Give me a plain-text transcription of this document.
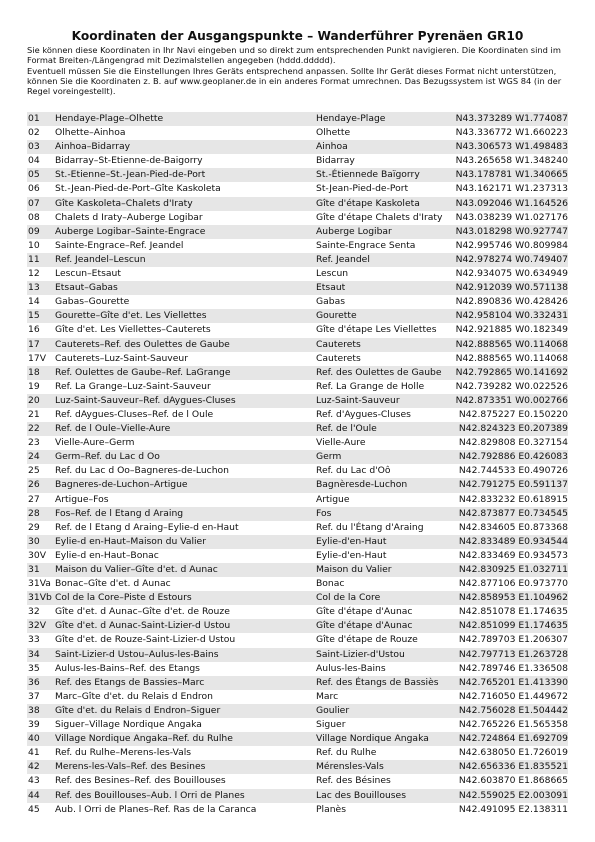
Koordinaten der Ausgangspunkte – Wanderführer Pyrenäen GR10

Sie können diese Koordinaten in Ihr Navi eingeben und so direkt zum entsprechenden Punkt navigieren. Die Koordinaten sind im Format Breiten-/Längengrad mit Dezimalstellen angegeben (hddd.ddddd).

Eventuell müssen Sie die Einstellungen Ihres Geräts entsprechend anpassen. Sollte Ihr Gerät dieses Format nicht unterstützen, können Sie die Koordinaten z. B. auf www.geoplaner.de in ein anderes Format umrechnen. Das Bezugssystem ist WGS 84 (in der Regel voreingestellt).

01	Hendaye-Plage–Olhette	Hendaye-Plage	N43.373289 W1.774087
02	Olhette–Ainhoa	Olhette	N43.336772 W1.660223
03	Ainhoa–Bidarray	Ainhoa	N43.306573 W1.498483
04	Bidarray–St-Etienne-de-Baigorry	Bidarray	N43.265658 W1.348240
05	St.-Etienne–St.-Jean-Pied-de-Port	St.-Étiennede Baïgorry	N43.178781 W1.340665
06	St.-Jean-Pied-de-Port–Gîte Kaskoleta	St-Jean-Pied-de-Port	N43.162171 W1.237313
07	Gîte Kaskoleta–Chalets d'Iraty	Gîte d'étape Kaskoleta	N43.092046 W1.164526
08	Chalets d Iraty–Auberge Logibar	Gîte d'étape Chalets d'Iraty	N43.038239 W1.027176
09	Auberge Logibar–Sainte-Engrace	Auberge Logibar	N43.018298 W0.927747
10	Sainte-Engrace–Ref. Jeandel	Sainte-Engrace Senta	N42.995746 W0.809984
11	Ref. Jeandel–Lescun	Ref. Jeandel	N42.978274 W0.749407
12	Lescun–Etsaut	Lescun	N42.934075 W0.634949
13	Etsaut–Gabas	Etsaut	N42.912039 W0.571138
14	Gabas–Gourette	Gabas	N42.890836 W0.428426
15	Gourette–Gîte d'et. Les Viellettes	Gourette	N42.958104 W0.332431
16	Gîte d'et. Les Viellettes–Cauterets	Gîte d'étape Les Viellettes	N42.921885 W0.182349
17	Cauterets–Ref. des Oulettes de Gaube	Cauterets	N42.888565 W0.114068
17V	Cauterets–Luz-Saint-Sauveur	Cauterets	N42.888565 W0.114068
18	Ref. Oulettes de Gaube–Ref. LaGrange	Ref. des Oulettes de Gaube	N42.792865 W0.141692
19	Ref. La Grange–Luz-Saint-Sauveur	Ref. La Grange de Holle	N42.739282 W0.022526
20	Luz-Saint-Sauveur–Ref. dAygues-Cluses	Luz-Saint-Sauveur	N42.873351 W0.002766
21	Ref. dAygues-Cluses–Ref. de l Oule	Ref. d'Aygues-Cluses	N42.875227 E0.150220
22	Ref. de l Oule–Vielle-Aure	Ref. de l'Oule	N42.824323 E0.207389
23	Vielle-Aure–Germ	Vielle-Aure	N42.829808 E0.327154
24	Germ–Ref. du Lac d Oo	Germ	N42.792886 E0.426083
25	Ref. du Lac d Oo–Bagneres-de-Luchon	Ref. du Lac d'Oô	N42.744533 E0.490726
26	Bagneres-de-Luchon–Artigue	Bagnèresde-Luchon	N42.791275 E0.591137
27	Artigue–Fos	Artigue	N42.833232 E0.618915
28	Fos–Ref. de l Etang d Araing	Fos	N42.873877 E0.734545
29	Ref. de l Etang d Araing–Eylie-d en-Haut	Ref. du l'Étang d'Araing	N42.834605 E0.873368
30	Eylie-d en-Haut–Maison du Valier	Eylie-d'en-Haut	N42.833489 E0.934544
30V	Eylie-d en-Haut–Bonac	Eylie-d'en-Haut	N42.833469 E0.934573
31	Maison du Valier–Gîte d'et. d Aunac	Maison du Valier	N42.830925 E1.032711
31Va	Bonac–Gîte d'et. d Aunac	Bonac	N42.877106 E0.973770
31Vb	Col de la Core–Piste d Estours	Col de la Core	N42.858953 E1.104962
32	Gîte d'et. d Aunac–Gîte d'et. de Rouze	Gîte d'étape d'Aunac	N42.851078 E1.174635
32V	Gîte d'et. d Aunac-Saint-Lizier-d Ustou	Gîte d'étape d'Aunac	N42.851099 E1.174635
33	Gîte d'et. de Rouze-Saint-Lizier-d Ustou	Gîte d'étape de Rouze	N42.789703 E1.206307
34	Saint-Lizier-d Ustou–Aulus-les-Bains	Saint-Lizier-d'Ustou	N42.797713 E1.263728
35	Aulus-les-Bains–Ref. des Etangs	Aulus-les-Bains	N42.789746 E1.336508
36	Ref. des Etangs de Bassies–Marc	Ref. des Étangs de Bassiès	N42.765201 E1.413390
37	Marc–Gîte d'et. du Relais d Endron	Marc	N42.716050 E1.449672
38	Gîte d'et. du Relais d Endron–Siguer	Goulier	N42.756028 E1.504442
39	Siguer–Village Nordique Angaka	Siguer	N42.765226 E1.565358
40	Village Nordique Angaka–Ref. du Rulhe	Village Nordique Angaka	N42.724864 E1.692709
41	Ref. du Rulhe–Merens-les-Vals	Ref. du Rulhe	N42.638050 E1.726019
42	Merens-les-Vals–Ref. des Besines	Mérensles-Vals	N42.656336 E1.835521
43	Ref. des Besines–Ref. des Bouillouses	Ref. des Bésines	N42.603870 E1.868665
44	Ref. des Bouillouses–Aub. l Orri de Planes	Lac des Bouillouses	N42.559025 E2.003091
45	Aub. l Orri de Planes–Ref. Ras de la Caranca	Planès	N42.491095 E2.138311
